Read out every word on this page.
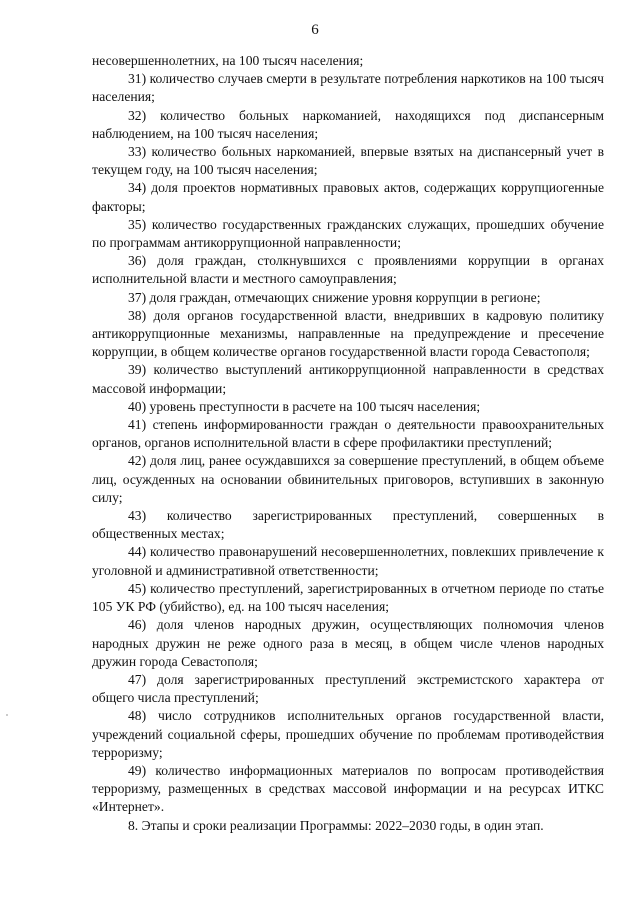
6

несовершеннолетних, на 100 тысяч населения;

31) количество случаев смерти в результате потребления наркотиков на 100 тысяч населения;

32) количество больных наркоманией, находящихся под диспансерным наблюдением, на 100 тысяч населения;

33) количество больных наркоманией, впервые взятых на диспансерный учет в текущем году, на 100 тысяч населения;

34) доля проектов нормативных правовых актов, содержащих коррупциогенные факторы;

35) количество государственных гражданских служащих, прошедших обучение по программам антикоррупционной направленности;

36) доля граждан, столкнувшихся с проявлениями коррупции в органах исполнительной власти и местного самоуправления;

37) доля граждан, отмечающих снижение уровня коррупции в регионе;

38) доля органов государственной власти, внедривших в кадровую политику антикоррупционные механизмы, направленные на предупреждение и пресечение коррупции, в общем количестве органов государственной власти города Севастополя;

39) количество выступлений антикоррупционной направленности в средствах массовой информации;

40) уровень преступности в расчете на 100 тысяч населения;

41) степень информированности граждан о деятельности правоохранительных органов, органов исполнительной власти в сфере профилактики преступлений;

42) доля лиц, ранее осуждавшихся за совершение преступлений, в общем объеме лиц, осужденных на основании обвинительных приговоров, вступивших в законную силу;

43) количество зарегистрированных преступлений, совершенных в общественных местах;

44) количество правонарушений несовершеннолетних, повлекших привлечение к уголовной и административной ответственности;

45) количество преступлений, зарегистрированных в отчетном периоде по статье 105 УК РФ (убийство), ед. на 100 тысяч населения;

46) доля членов народных дружин, осуществляющих полномочия членов народных дружин не реже одного раза в месяц, в общем числе членов народных дружин города Севастополя;

47) доля зарегистрированных преступлений экстремистского характера от общего числа преступлений;

48) число сотрудников исполнительных органов государственной власти, учреждений социальной сферы, прошедших обучение по проблемам противодействия терроризму;

49) количество информационных материалов по вопросам противодействия терроризму, размещенных в средствах массовой информации и на ресурсах ИТКС «Интернет».

8. Этапы и сроки реализации Программы: 2022–2030 годы, в один этап.
